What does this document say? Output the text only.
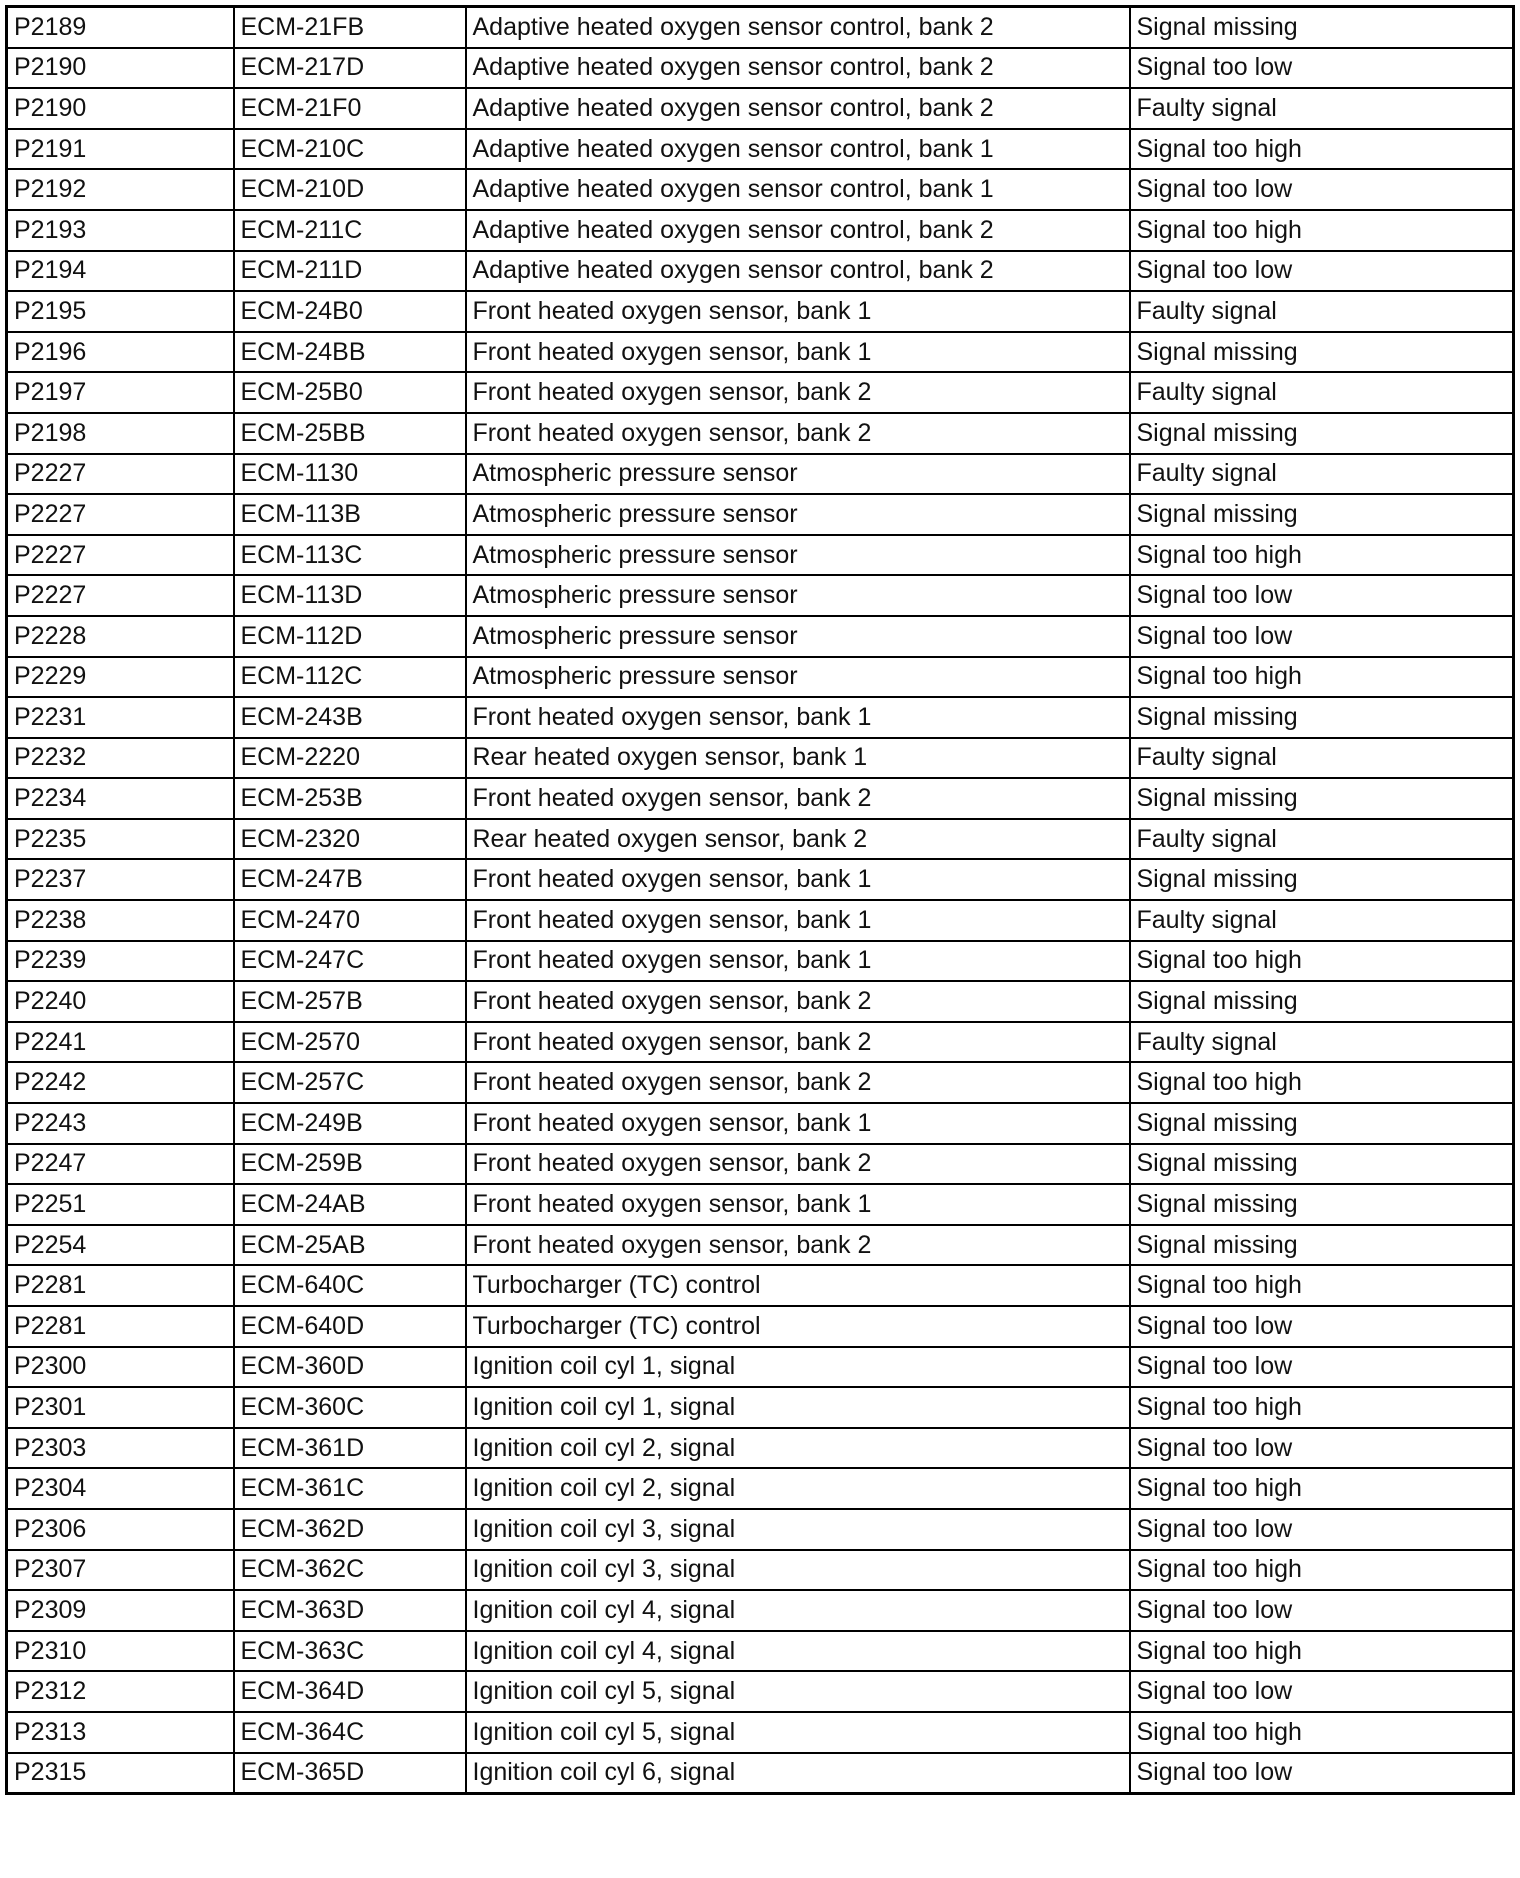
P2189	ECM-21FB	Adaptive heated oxygen sensor control, bank 2	Signal missing
P2190	ECM-217D	Adaptive heated oxygen sensor control, bank 2	Signal too low
P2190	ECM-21F0	Adaptive heated oxygen sensor control, bank 2	Faulty signal
P2191	ECM-210C	Adaptive heated oxygen sensor control, bank 1	Signal too high
P2192	ECM-210D	Adaptive heated oxygen sensor control, bank 1	Signal too low
P2193	ECM-211C	Adaptive heated oxygen sensor control, bank 2	Signal too high
P2194	ECM-211D	Adaptive heated oxygen sensor control, bank 2	Signal too low
P2195	ECM-24B0	Front heated oxygen sensor, bank 1	Faulty signal
P2196	ECM-24BB	Front heated oxygen sensor, bank 1	Signal missing
P2197	ECM-25B0	Front heated oxygen sensor, bank 2	Faulty signal
P2198	ECM-25BB	Front heated oxygen sensor, bank 2	Signal missing
P2227	ECM-1130	Atmospheric pressure sensor	Faulty signal
P2227	ECM-113B	Atmospheric pressure sensor	Signal missing
P2227	ECM-113C	Atmospheric pressure sensor	Signal too high
P2227	ECM-113D	Atmospheric pressure sensor	Signal too low
P2228	ECM-112D	Atmospheric pressure sensor	Signal too low
P2229	ECM-112C	Atmospheric pressure sensor	Signal too high
P2231	ECM-243B	Front heated oxygen sensor, bank 1	Signal missing
P2232	ECM-2220	Rear heated oxygen sensor, bank 1	Faulty signal
P2234	ECM-253B	Front heated oxygen sensor, bank 2	Signal missing
P2235	ECM-2320	Rear heated oxygen sensor, bank 2	Faulty signal
P2237	ECM-247B	Front heated oxygen sensor, bank 1	Signal missing
P2238	ECM-2470	Front heated oxygen sensor, bank 1	Faulty signal
P2239	ECM-247C	Front heated oxygen sensor, bank 1	Signal too high
P2240	ECM-257B	Front heated oxygen sensor, bank 2	Signal missing
P2241	ECM-2570	Front heated oxygen sensor, bank 2	Faulty signal
P2242	ECM-257C	Front heated oxygen sensor, bank 2	Signal too high
P2243	ECM-249B	Front heated oxygen sensor, bank 1	Signal missing
P2247	ECM-259B	Front heated oxygen sensor, bank 2	Signal missing
P2251	ECM-24AB	Front heated oxygen sensor, bank 1	Signal missing
P2254	ECM-25AB	Front heated oxygen sensor, bank 2	Signal missing
P2281	ECM-640C	Turbocharger (TC) control	Signal too high
P2281	ECM-640D	Turbocharger (TC) control	Signal too low
P2300	ECM-360D	Ignition coil cyl 1, signal	Signal too low
P2301	ECM-360C	Ignition coil cyl 1, signal	Signal too high
P2303	ECM-361D	Ignition coil cyl 2, signal	Signal too low
P2304	ECM-361C	Ignition coil cyl 2, signal	Signal too high
P2306	ECM-362D	Ignition coil cyl 3, signal	Signal too low
P2307	ECM-362C	Ignition coil cyl 3, signal	Signal too high
P2309	ECM-363D	Ignition coil cyl 4, signal	Signal too low
P2310	ECM-363C	Ignition coil cyl 4, signal	Signal too high
P2312	ECM-364D	Ignition coil cyl 5, signal	Signal too low
P2313	ECM-364C	Ignition coil cyl 5, signal	Signal too high
P2315	ECM-365D	Ignition coil cyl 6, signal	Signal too low
